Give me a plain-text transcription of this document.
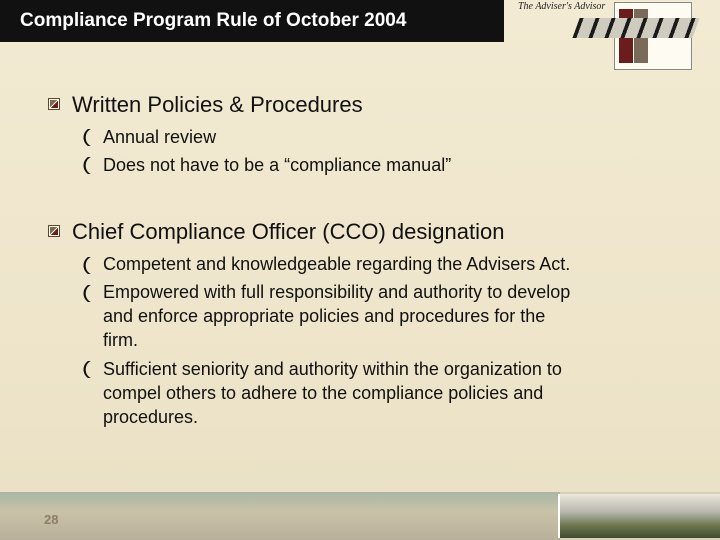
Compliance Program Rule of October 2004
The Adviser's Advisor
Written Policies & Procedures
Annual review
Does not have to be a “compliance manual”
Chief Compliance Officer (CCO) designation
Competent and knowledgeable regarding the Advisers Act.
Empowered with full responsibility and authority to develop
and enforce appropriate policies and procedures for the
firm.
Sufficient seniority and authority within the organization to
compel others to adhere to the compliance policies and
procedures.
28
